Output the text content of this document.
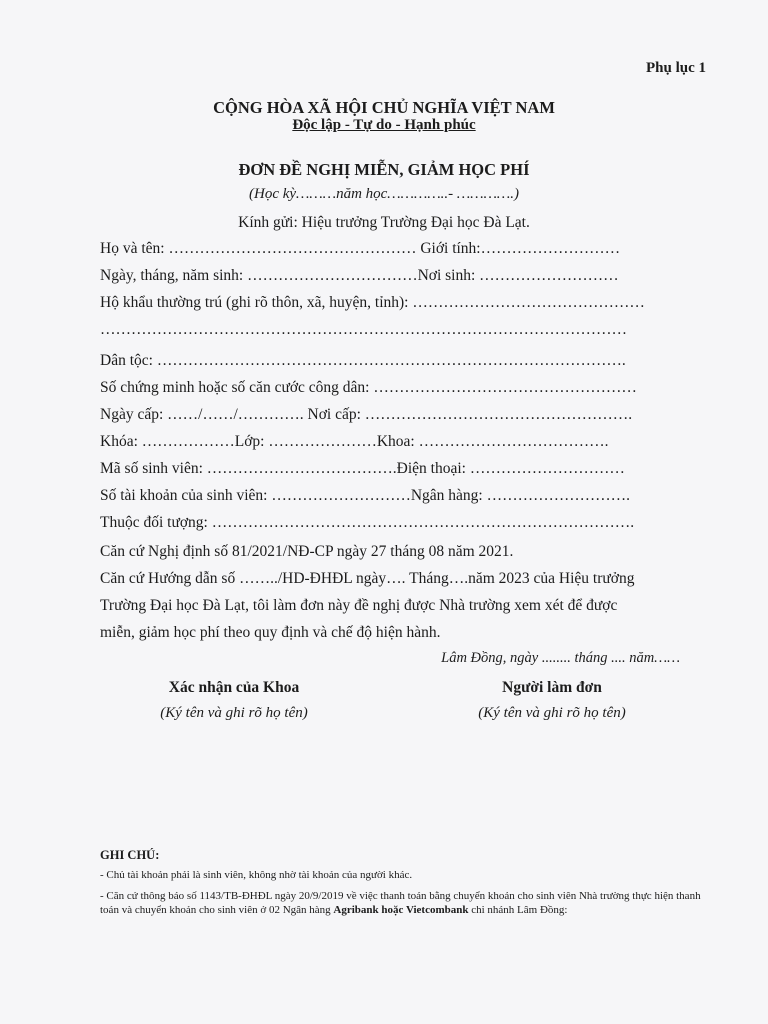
Phụ lục 1
CỘNG HÒA XÃ HỘI CHỦ NGHĨA VIỆT NAM
Độc lập - Tự do - Hạnh phúc
ĐƠN ĐỀ NGHỊ MIỄN, GIẢM HỌC PHÍ
(Học kỳ………năm học…………..- ………….)
Kính gửi: Hiệu trưởng Trường Đại học Đà Lạt.
Họ và tên: ………………………………………… Giới tính:………………………
Ngày, tháng, năm sinh: ……………………………Nơi sinh: ………………………
Hộ khẩu thường trú (ghi rõ thôn, xã, huyện, tỉnh): ………………………………………
…………………………………………………………………………………………
Dân tộc: ……………………………………………………………………………….
Số chứng minh hoặc số căn cước công dân: ……………………………………………
Ngày cấp: ……/……/…………. Nơi cấp: …………………………………………….
Khóa: ………………Lớp: …………………Khoa: ……………………………….
Mã số sinh viên: ……………………………….Điện thoại: …………………………
Số tài khoản của sinh viên: ………………………Ngân hàng: ……………………….
Thuộc đối tượng: ……………………………………………………………………….
Căn cứ Nghị định số 81/2021/NĐ-CP ngày 27 tháng 08 năm 2021.
Căn cứ Hướng dẫn số ……../HD-ĐHĐL ngày…. Tháng….năm 2023 của Hiệu trưởng
Trường Đại học Đà Lạt, tôi làm đơn này đề nghị được Nhà trường xem xét để được
miễn, giảm học phí theo quy định và chế độ hiện hành.
Lâm Đồng, ngày ........ tháng .... năm……
Xác nhận của Khoa
(Ký tên và ghi rõ họ tên)
Người làm đơn
(Ký tên và ghi rõ họ tên)
GHI CHÚ:
- Chủ tài khoản phải là sinh viên, không nhờ tài khoản của người khác.
- Căn cứ thông báo số 1143/TB-ĐHĐL ngày 20/9/2019 về việc thanh toán bằng chuyển khoản cho sinh viên Nhà trường thực hiện thanh toán và chuyển khoản cho sinh viên ở 02 Ngân hàng Agribank hoặc Vietcombank chi nhánh Lâm Đồng:
